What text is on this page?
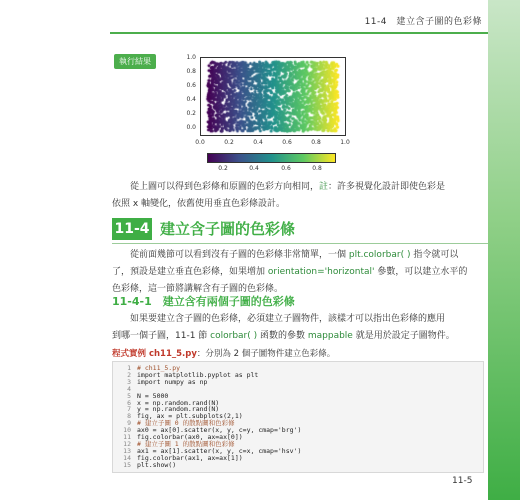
11-4　建立含子圖的色彩條
執行結果	1.0
0.8
0.6
0.4
0.2
0.0
0.0	0.2	0.4	0.6	0.8	1.0
0.2	0.4	0.6	0.8
從上圖可以得到色彩條和原圖的色彩方向相同，註：許多視覺化設計即使色彩是
依照 x 軸變化，依舊使用垂直色彩條設計。
11-4 建立含子圖的色彩條
從前面幾節可以看到沒有子圖的色彩條非常簡單，一個 plt.colorbar( ) 指令就可以
了，預設是建立垂直色彩條，如果增加 orientation='horizontal' 參數，可以建立水平的
色彩條，這一節將講解含有子圖的色彩條。
11-4-1　建立含有兩個子圖的色彩條
如果要建立含子圖的色彩條，必須建立子圖物件，該樣才可以指出色彩條的應用
到哪一個子圖，11-1 節 colorbar( ) 函數的參數 mappable 就是用於設定子圖物件。
程式實例 ch11_5.py：分別為 2 個子圖物件建立色彩條。
1 # ch11_5.py
2 import matplotlib.pyplot as plt
3 import numpy as np
4
5 N = 5000
6 x = np.random.rand(N)
7 y = np.random.rand(N)
8 fig, ax = plt.subplots(2,1)
9 # 建立子圖 0 的散點圖和色彩條
10 ax0 = ax[0].scatter(x, y, c=y, cmap='brg')
11 fig.colorbar(ax0, ax=ax[0])
12 # 建立子圖 1 的散點圖和色彩條
13 ax1 = ax[1].scatter(x, y, c=x, cmap='hsv')
14 fig.colorbar(ax1, ax=ax[1])
15 plt.show()
11-5
